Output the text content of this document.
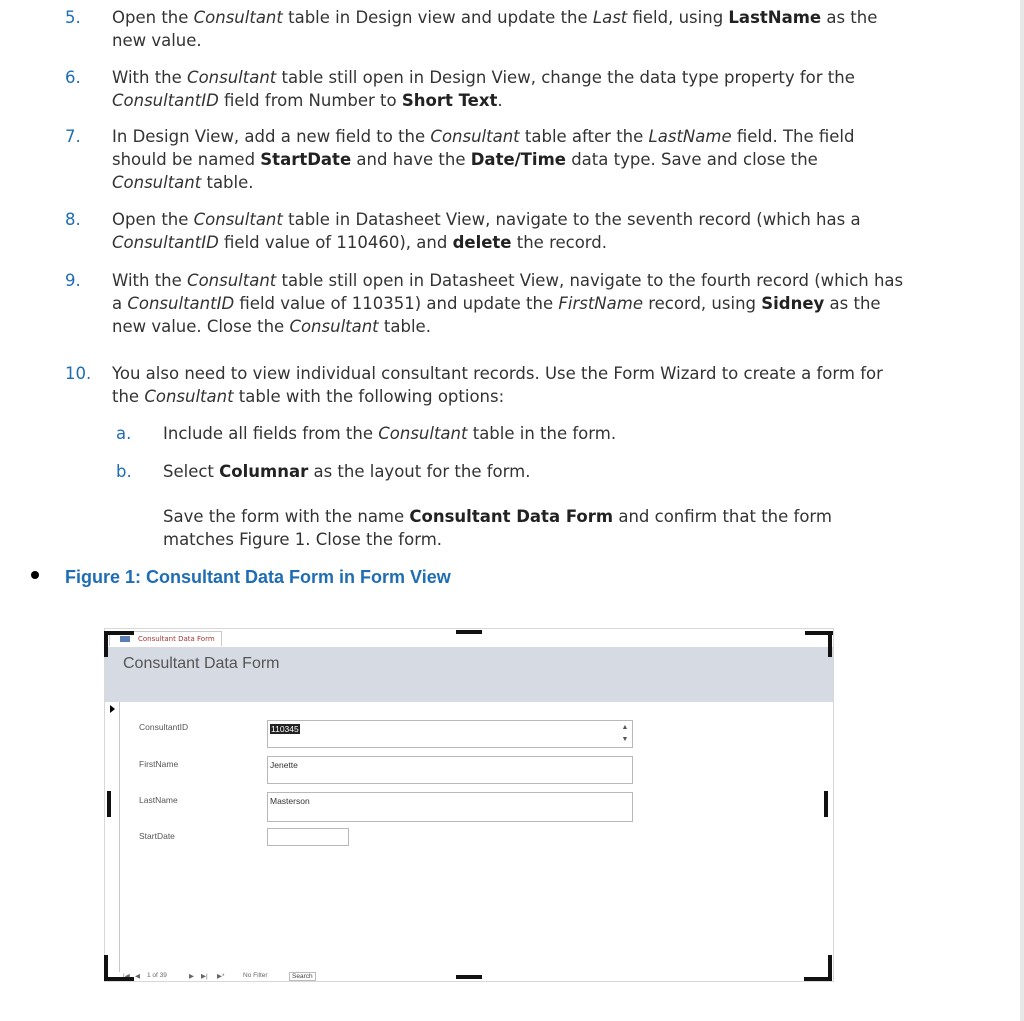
5. Open the Consultant table in Design view and update the Last field, using LastName as the new value.
6. With the Consultant table still open in Design View, change the data type property for the ConsultantID field from Number to Short Text.
7. In Design View, add a new field to the Consultant table after the LastName field. The field should be named StartDate and have the Date/Time data type. Save and close the Consultant table.
8. Open the Consultant table in Datasheet View, navigate to the seventh record (which has a ConsultantID field value of 110460), and delete the record.
9. With the Consultant table still open in Datasheet View, navigate to the fourth record (which has a ConsultantID field value of 110351) and update the FirstName record, using Sidney as the new value. Close the Consultant table.
10. You also need to view individual consultant records. Use the Form Wizard to create a form for the Consultant table with the following options:
a. Include all fields from the Consultant table in the form.
b. Select Columnar as the layout for the form.
Save the form with the name Consultant Data Form and confirm that the form matches Figure 1. Close the form.
Figure 1: Consultant Data Form in Form View
Consultant Data Form
Consultant Data Form
ConsultantID	110345	▲
▼
FirstName	Jenette
LastName	Masterson
StartDate
◀ 1 of 39	▶ ▶| ▶*	No Filter	Search
